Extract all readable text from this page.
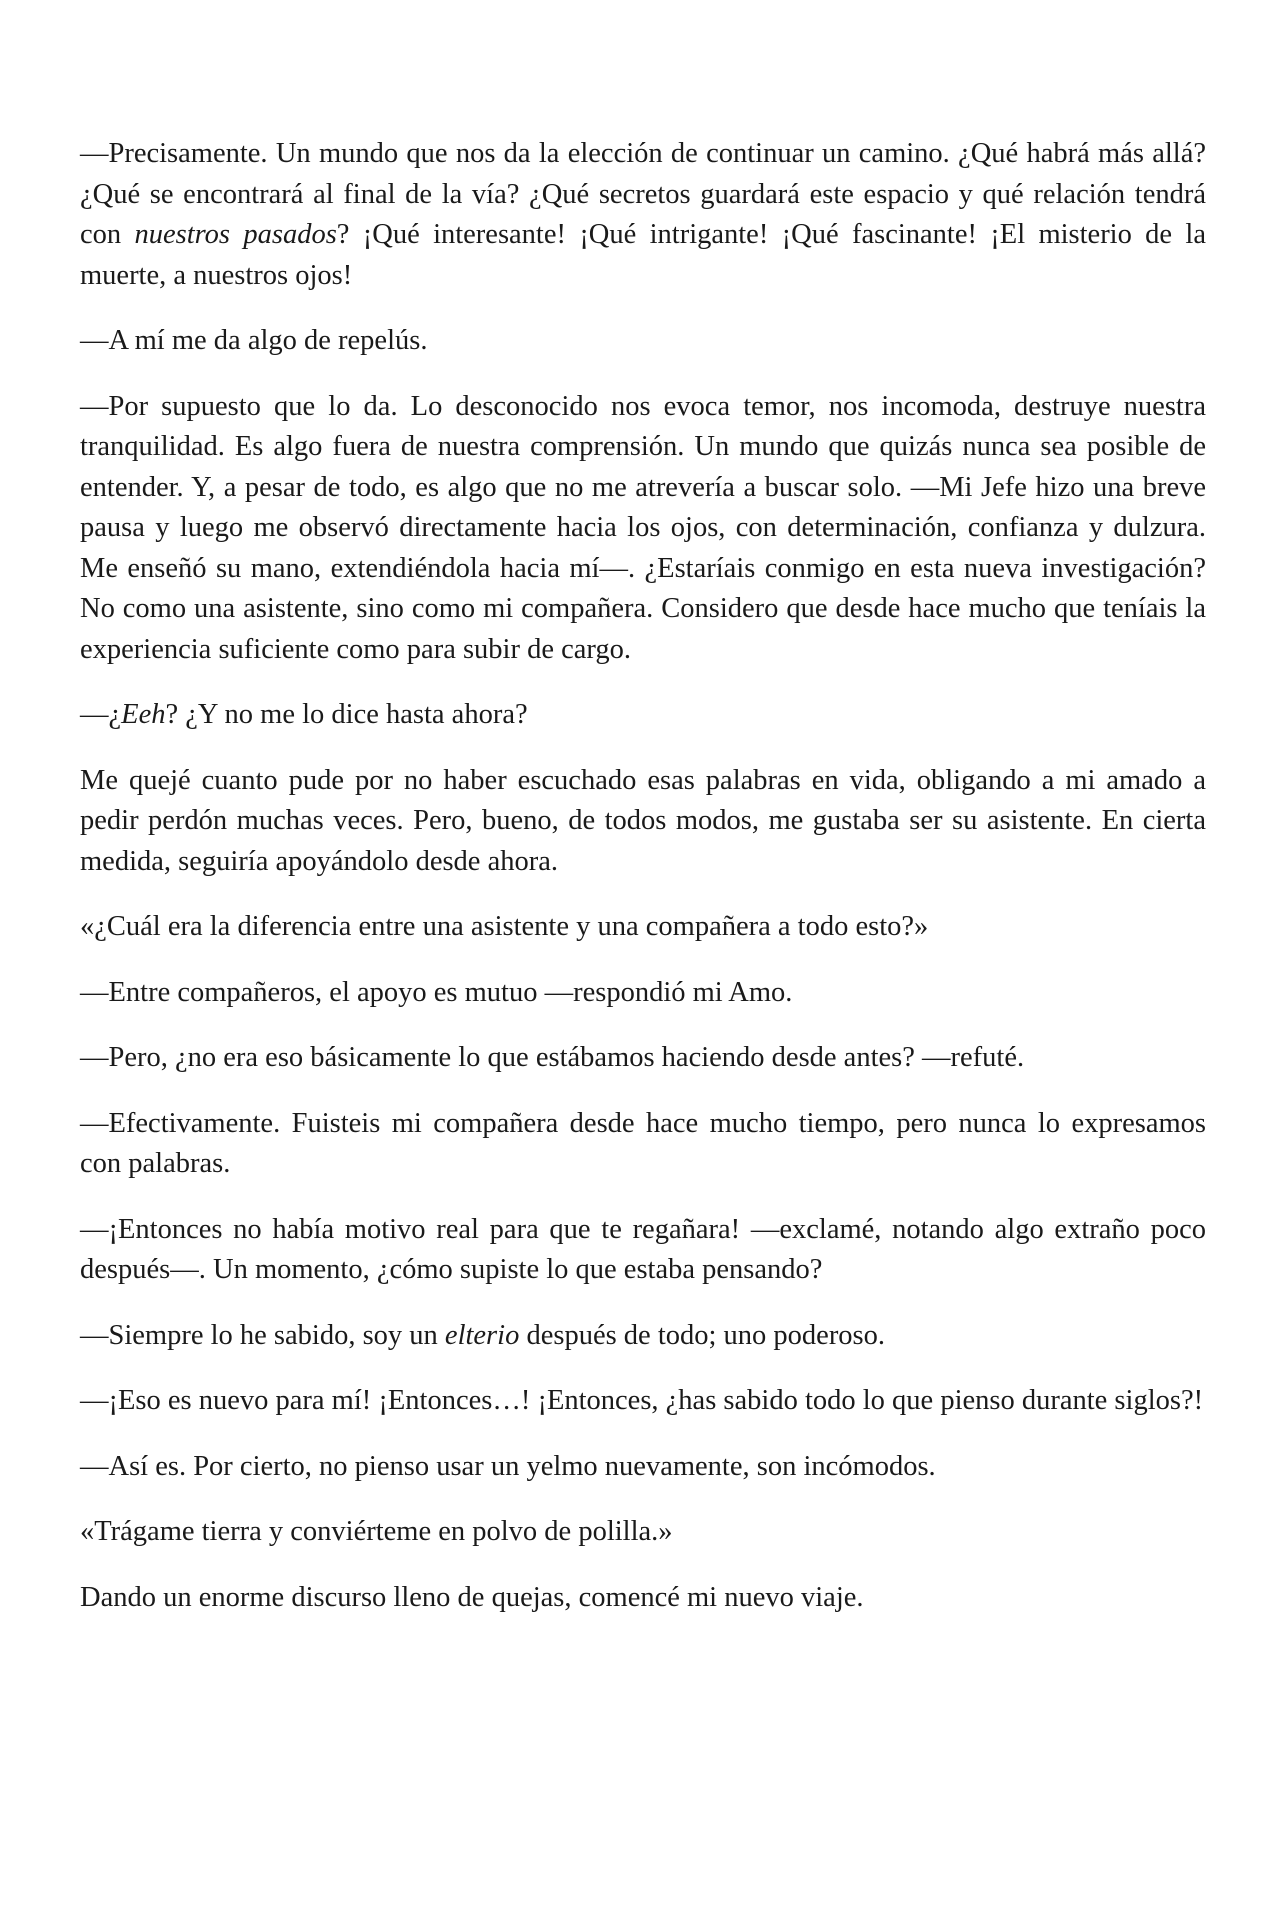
—Precisamente. Un mundo que nos da la elección de continuar un camino. ¿Qué habrá más allá? ¿Qué se encontrará al final de la vía? ¿Qué secretos guardará este espacio y qué relación tendrá con nuestros pasados? ¡Qué interesante! ¡Qué intrigante! ¡Qué fascinante! ¡El misterio de la muerte, a nuestros ojos!

—A mí me da algo de repelús.

—Por supuesto que lo da. Lo desconocido nos evoca temor, nos incomoda, destruye nuestra tranquilidad. Es algo fuera de nuestra comprensión. Un mundo que quizás nunca sea posible de entender. Y, a pesar de todo, es algo que no me atrevería a buscar solo. —Mi Jefe hizo una breve pausa y luego me observó directamente hacia los ojos, con determinación, confianza y dulzura. Me enseñó su mano, extendiéndola hacia mí—. ¿Estaríais conmigo en esta nueva investigación? No como una asistente, sino como mi compañera. Considero que desde hace mucho que teníais la experiencia suficiente como para subir de cargo.

—¿Eeh? ¿Y no me lo dice hasta ahora?

Me quejé cuanto pude por no haber escuchado esas palabras en vida, obligando a mi amado a pedir perdón muchas veces. Pero, bueno, de todos modos, me gustaba ser su asistente. En cierta medida, seguiría apoyándolo desde ahora.

«¿Cuál era la diferencia entre una asistente y una compañera a todo esto?»

—Entre compañeros, el apoyo es mutuo —respondió mi Amo.

—Pero, ¿no era eso básicamente lo que estábamos haciendo desde antes? —refuté.

—Efectivamente. Fuisteis mi compañera desde hace mucho tiempo, pero nunca lo expresamos con palabras.

—¡Entonces no había motivo real para que te regañara! —exclamé, notando algo extraño poco después—. Un momento, ¿cómo supiste lo que estaba pensando?

—Siempre lo he sabido, soy un elterio después de todo; uno poderoso.

—¡Eso es nuevo para mí! ¡Entonces…! ¡Entonces, ¿has sabido todo lo que pienso durante siglos?!

—Así es. Por cierto, no pienso usar un yelmo nuevamente, son incómodos.

«Trágame tierra y conviérteme en polvo de polilla.»

Dando un enorme discurso lleno de quejas, comencé mi nuevo viaje.
